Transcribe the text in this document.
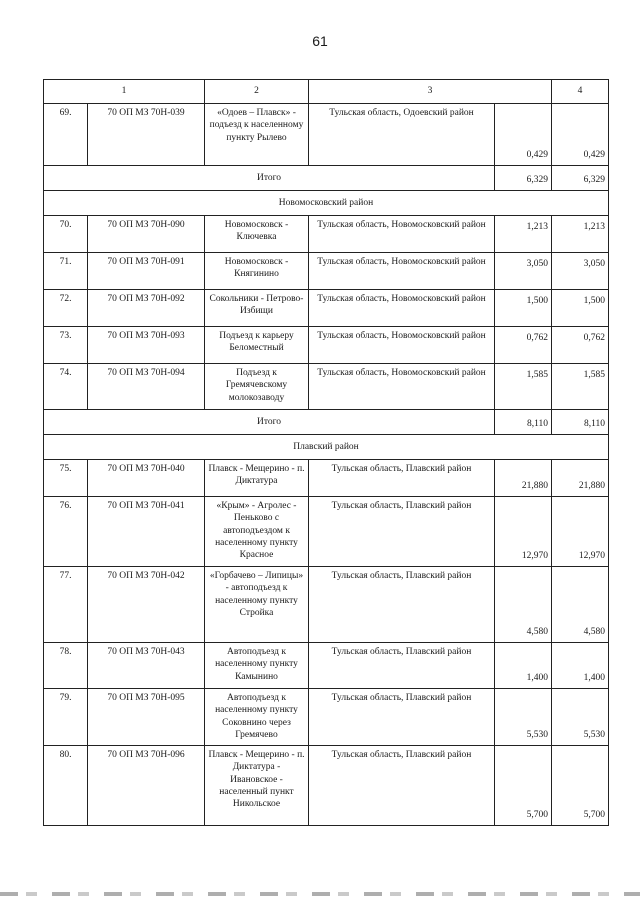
61
1		2	3		4
69.	70 ОП МЗ 70Н-039	«Одоев – Плавск» - подъезд к населенному пункту Рылево	Тульская область, Одоевский район	0,429	0,429
Итого				6,329	6,329
Новомосковский район					
70.	70 ОП МЗ 70Н-090	Новомосковск - Ключевка	Тульская область, Новомосковский район	1,213	1,213
71.	70 ОП МЗ 70Н-091	Новомосковск - Княгинино	Тульская область, Новомосковский район	3,050	3,050
72.	70 ОП МЗ 70Н-092	Сокольники - Петрово-Избищи	Тульская область, Новомосковский район	1,500	1,500
73.	70 ОП МЗ 70Н-093	Подъезд к карьеру Беломестный	Тульская область, Новомосковский район	0,762	0,762
74.	70 ОП МЗ 70Н-094	Подъезд к Гремячевскому молокозаводу	Тульская область, Новомосковский район	1,585	1,585
Итого				8,110	8,110
Плавский район					
75.	70 ОП МЗ 70Н-040	Плавск - Мещерино - п. Диктатура	Тульская область, Плавский район	21,880	21,880
76.	70 ОП МЗ 70Н-041	«Крым» - Агролес - Пеньково с автоподъездом к населенному пункту Красное	Тульская область, Плавский район	12,970	12,970
77.	70 ОП МЗ 70Н-042	«Горбачево – Липицы» - автоподъезд к населенному пункту Стройка	Тульская область, Плавский район	4,580	4,580
78.	70 ОП МЗ 70Н-043	Автоподъезд к населенному пункту Камынино	Тульская область, Плавский район	1,400	1,400
79.	70 ОП МЗ 70Н-095	Автоподъезд к населенному пункту Соковнино через Гремячево	Тульская область, Плавский район	5,530	5,530
80.	70 ОП МЗ 70Н-096	Плавск - Мещерино - п. Диктатура - Ивановское - населенный пункт Никольское	Тульская область, Плавский район	5,700	5,700
